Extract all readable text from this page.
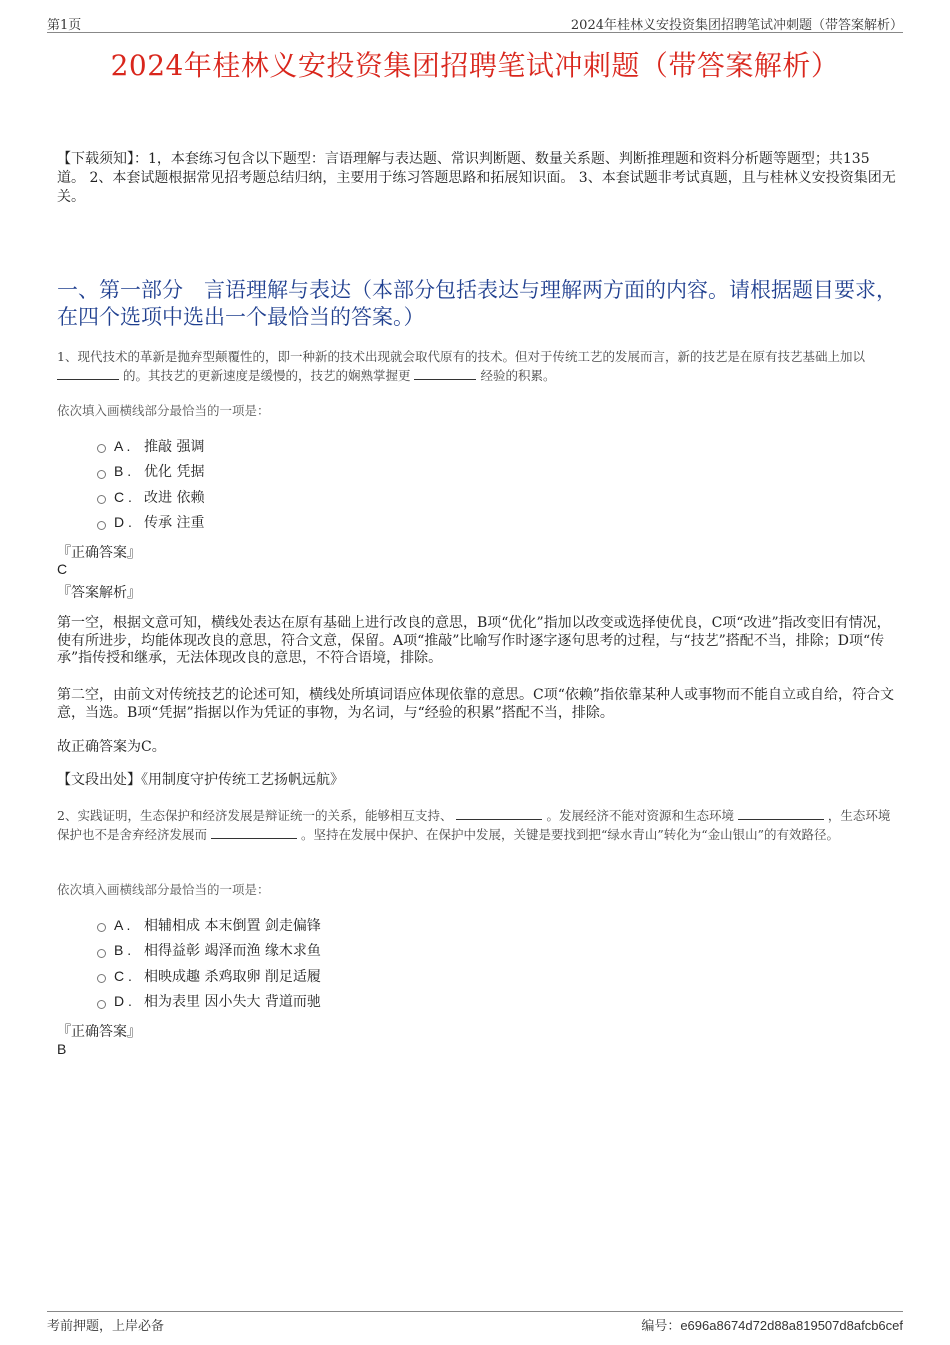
第1页	2024年桂林义安投资集团招聘笔试冲刺题（带答案解析）
2024年桂林义安投资集团招聘笔试冲刺题（带答案解析）
【下载须知】：1，本套练习包含以下题型：言语理解与表达题、常识判断题、数量关系题、判断推理题和资料分析题等题型；共135道。 2、本套试题根据常见招考题总结归纳，主要用于练习答题思路和拓展知识面。 3、本套试题非考试真题，且与桂林义安投资集团无关。
一、第一部分　言语理解与表达（本部分包括表达与理解两方面的内容。请根据题目要求，在四个选项中选出一个最恰当的答案。）
1、现代技术的革新是抛弃型颠覆性的，即一种新的技术出现就会取代原有的技术。但对于传统工艺的发展而言，新的技艺是在原有技艺基础上加以  的。其技艺的更新速度是缓慢的，技艺的娴熟掌握更	经验的积累。
依次填入画横线部分最恰当的一项是：
A . 推敲 强调
B . 优化 凭据
C . 改进 依赖
D . 传承 注重
『正确答案』
C
『答案解析』
第一空，根据文意可知，横线处表达在原有基础上进行改良的意思，B项“优化”指加以改变或选择使优良，C项“改进”指改变旧有情况，使有所进步，均能体现改良的意思，符合文意，保留。A项“推敲”比喻写作时逐字逐句思考的过程，与“技艺”搭配不当，排除；D项“传承”指传授和继承，无法体现改良的意思，不符合语境，排除。
第二空，由前文对传统技艺的论述可知，横线处所填词语应体现依靠的意思。C项“依赖”指依靠某种人或事物而不能自立或自给，符合文意，当选。B项“凭据”指据以作为凭证的事物，为名词，与“经验的积累”搭配不当，排除。
故正确答案为C。
【文段出处】《用制度守护传统工艺扬帆远航》
2、实践证明，生态保护和经济发展是辩证统一的关系，能够相互支持、	。发展经济不能对资源和生态环境	，生态环境保护也不是舍弃经济发展而	。坚持在发展中保护、在保护中发展，关键是要找到把“绿水青山”转化为“金山银山”的有效路径。
依次填入画横线部分最恰当的一项是：
A . 相辅相成 本末倒置 剑走偏锋
B . 相得益彰 竭泽而渔 缘木求鱼
C . 相映成趣 杀鸡取卵 削足适履
D . 相为表里 因小失大 背道而驰
『正确答案』
B
考前押题，上岸必备	编号：e696a8674d72d88a819507d8afcb6cef
